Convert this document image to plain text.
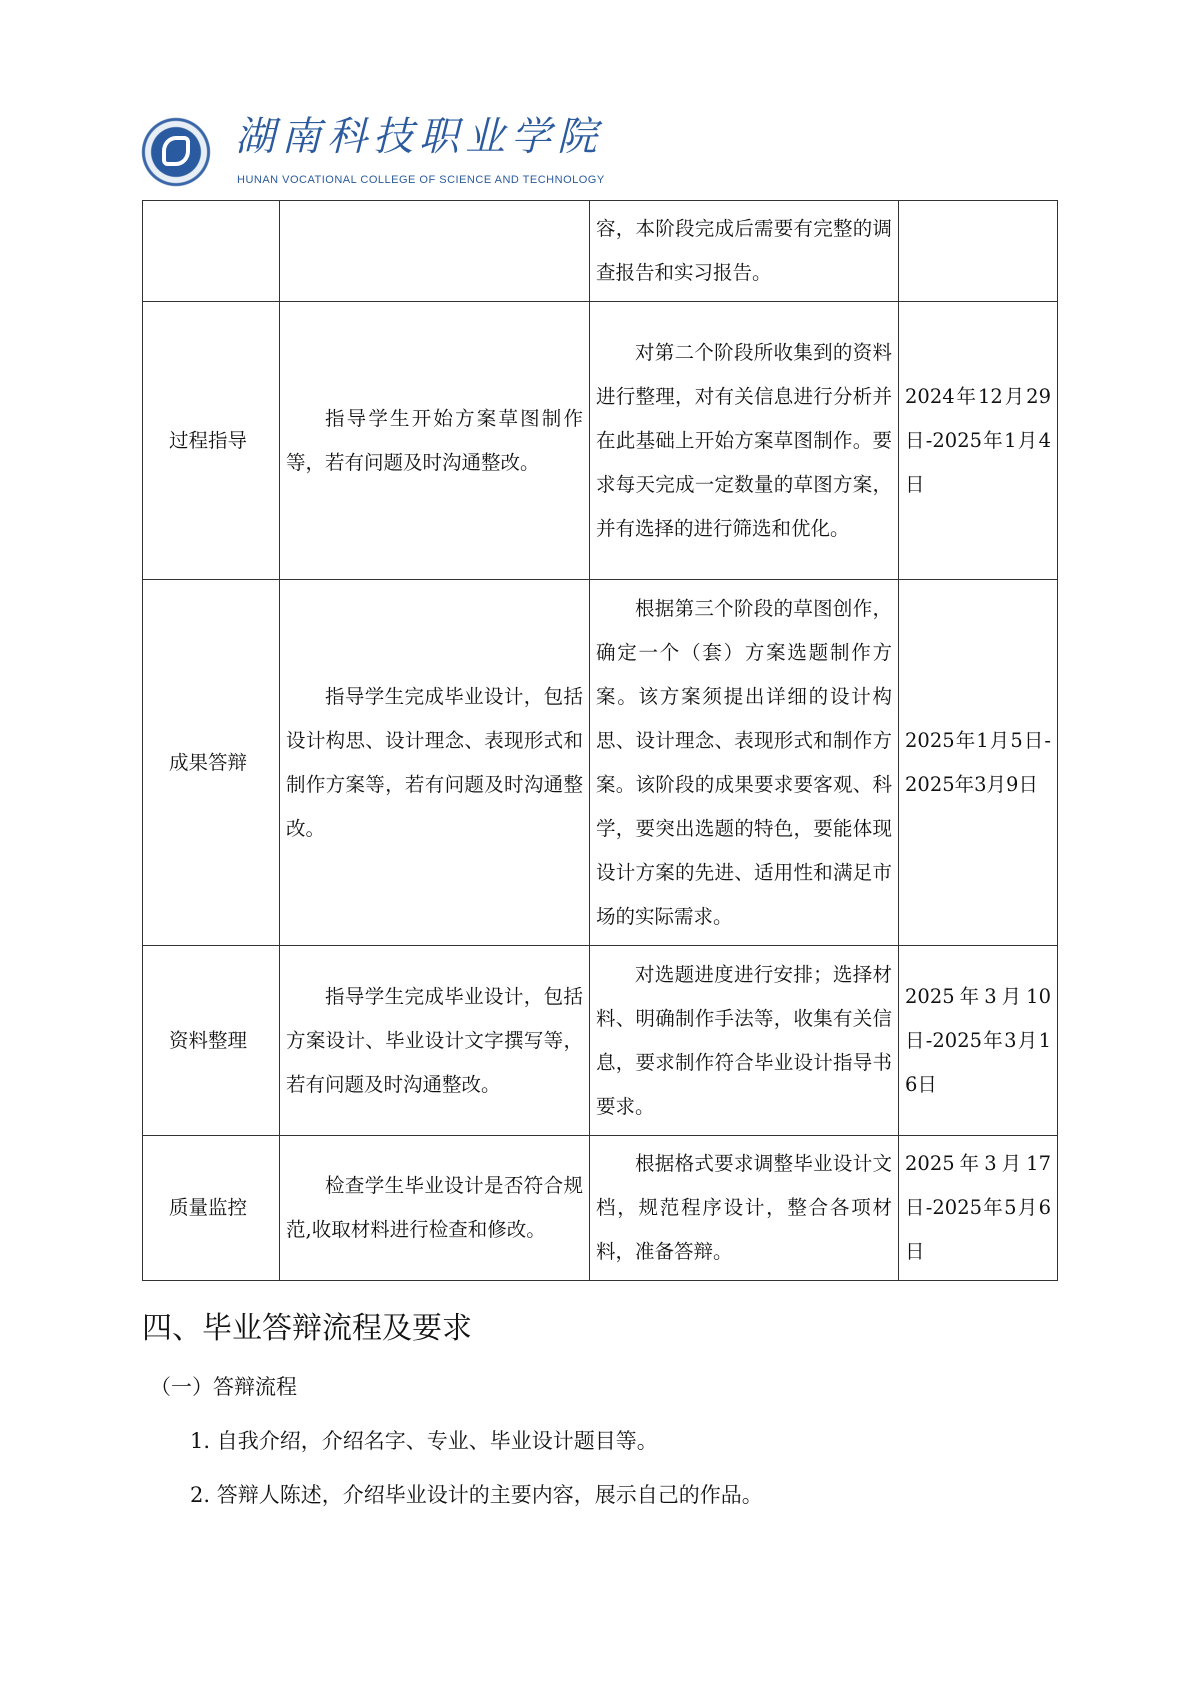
湖南科技职业学院
HUNAN VOCATIONAL COLLEGE OF SCIENCE AND TECHNOLOGY

		容，本阶段完成后需要有完整的调查报告和实习报告。	

过程指导	指导学生开始方案草图制作等，若有问题及时沟通整改。	对第二个阶段所收集到的资料进行整理，对有关信息进行分析并在此基础上开始方案草图制作。要求每天完成一定数量的草图方案，并有选择的进行筛选和优化。	2024年12月29日-2025年1月4日
成果答辩	指导学生完成毕业设计，包括设计构思、设计理念、表现形式和制作方案等，若有问题及时沟通整改。	根据第三个阶段的草图创作，确定一个（套）方案选题制作方案。该方案须提出详细的设计构思、设计理念、表现形式和制作方案。该阶段的成果要求要客观、科学，要突出选题的特色，要能体现设计方案的先进、适用性和满足市场的实际需求。	2025年1月5日-2025年3月9日
资料整理	指导学生完成毕业设计，包括方案设计、毕业设计文字撰写等，若有问题及时沟通整改。	对选题进度进行安排；选择材料、明确制作手法等，收集有关信息，要求制作符合毕业设计指导书要求。	2025年3月10日-2025年3月16日
质量监控	检查学生毕业设计是否符合规范,收取材料进行检查和修改。	根据格式要求调整毕业设计文档，规范程序设计，整合各项材料，准备答辩。	2025年3月17日-2025年5月6日
四、毕业答辩流程及要求
（一）答辩流程
1. 自我介绍，介绍名字、专业、毕业设计题目等。
2. 答辩人陈述，介绍毕业设计的主要内容，展示自己的作品。
